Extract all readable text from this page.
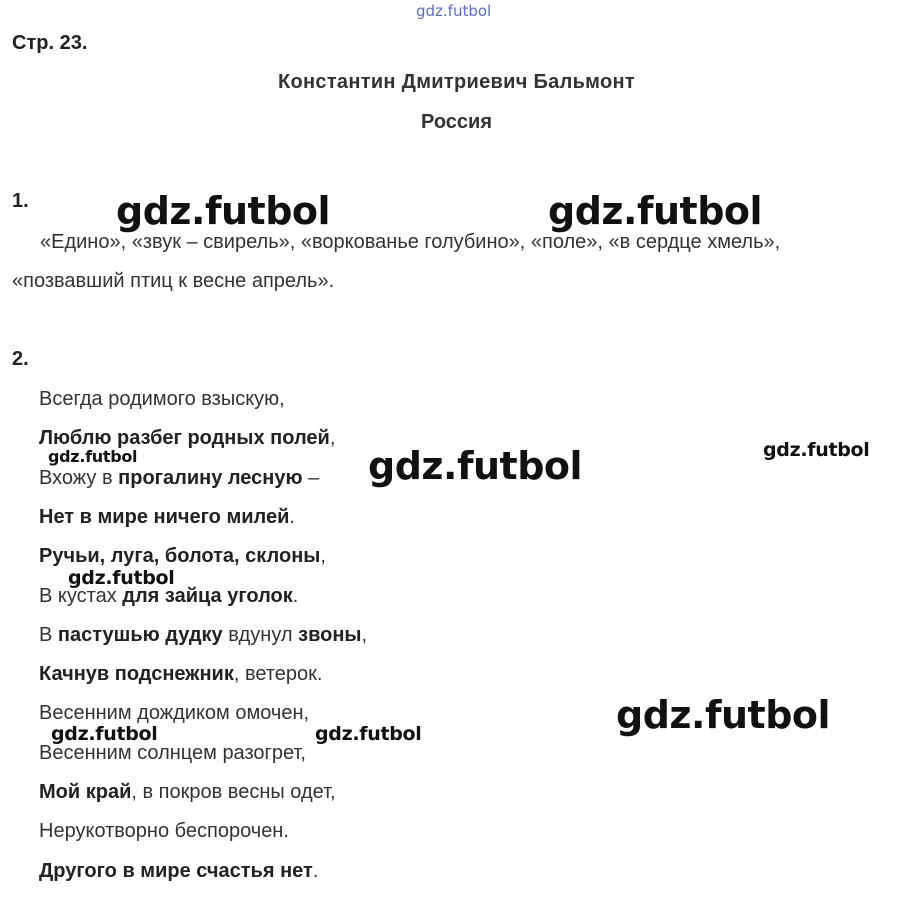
gdz.futbol
Стр. 23.
Константин Дмитриевич Бальмонт
Россия
1.
«Едино», «звук – свирель», «воркованье голубино», «поле», «в сердце хмель»,
«позвавший птиц к весне апрель».
2.
Всегда родимого взыскую,
Люблю разбег родных полей,
Вхожу в прогалину лесную –
Нет в мире ничего милей.
Ручьи, луга, болота, склоны,
В кустах для зайца уголок.
В пастушью дудку вдунул звоны,
Качнув подснежник, ветерок.
Весенним дождиком омочен,
Весенним солнцем разогрет,
Мой край, в покров весны одет,
Нерукотворно беспорочен.
Другого в мире счастья нет.
gdz.futbol	gdz.futbol
gdz.futbol
gdz.futbol	gdz.futbol
gdz.futbol
gdz.futbol
gdz.futbol	gdz.futbol
